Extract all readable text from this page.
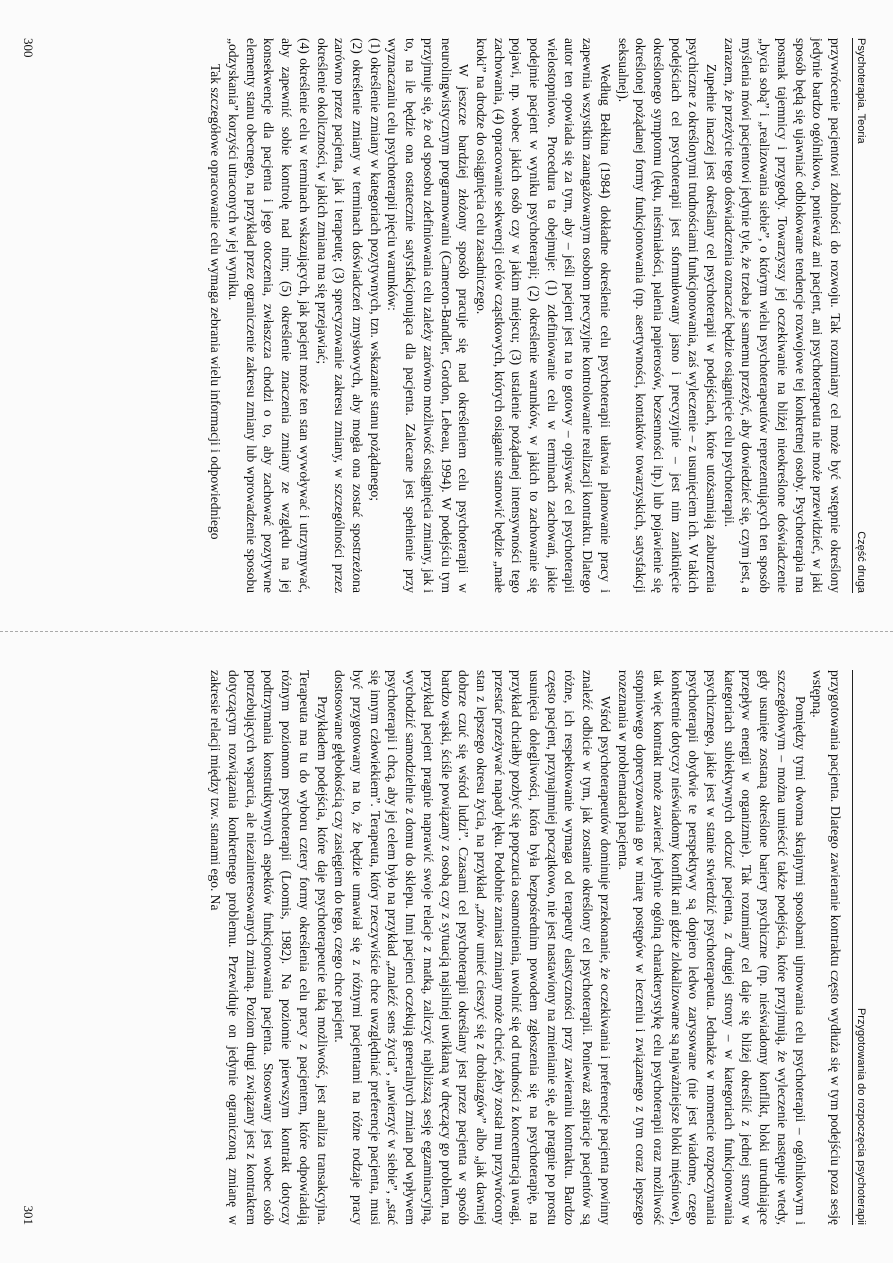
Psychoterapia. Teoria
Część druga

przywrócenie pacjentowi zdolności do rozwoju. Tak rozumiany cel może być wstępnie określony jedynie bardzo ogólnikowo, ponieważ ani pacjent, ani psychoterapeuta nie może przewidzieć, w jaki sposób będą się ujawniać odblokowane tendencje rozwojowe tej konkretnej osoby. Psychoterapia ma posmak tajemnicy i przygody. Towarzyszy jej oczekiwanie na bliżej nieokreślone doświadczenie „bycia sobą” i „realizowania siebie”, o którym wielu psychoterapeutów reprezentujących ten sposób myślenia mówi pacjentowi jedynie tyle, że trzeba je samemu przeżyć, aby dowiedzieć się, czym jest, a zarazem, że przeżycie tego doświadczenia oznaczać będzie osiągnięcie celu psychoterapii.

Zupełnie inaczej jest określany cel psychoterapii w podejściach, które utożsamiają zaburzenia psychiczne z określonymi trudnościami funkcjonowania, zaś wyleczenie – z usunięciem ich. W takich podejściach cel psychoterapii jest sformułowany jasno i precyzyjnie – jest nim zaniknięcie określonego symptomu (lęku, nieśmiałości, palenia papierosów, bezsenności itp.) lub pojawienie się określonej pożądanej formy funkcjonowania (np. asertywności, kontaktów towarzyskich, satysfakcji seksualnej).

Według Bełkina (1984) dokładne określenie celu psychoterapii ułatwia planowanie pracy i zapewnia wszystkim zaangażowanym osobom precyzyjne kontrolowanie realizacji kontraktu. Dlatego autor ten opowiada się za tym, aby – jeśli pacjent jest na to gotowy – opisywać cel psychoterapii wielostopniowo. Procedura ta obejmuje: (1) zdefiniowanie celu w terminach zachowań, jakie podejmie pacjent w wyniku psychoterapii; (2) określenie warunków, w jakich to zachowanie się pojawi, np. wobec jakich osób czy w jakim miejscu; (3) ustalenie pożądanej intensywności tego zachowania, (4) opracowanie sekwencji celów cząstkowych, których osiąganie stanowić będzie „małe kroki” na drodze do osiągnięcia celu zasadniczego.

W jeszcze bardziej złożony sposób pracuje się nad określeniem celu psychoterapii w neurolingwistycznym programowaniu (Cameron-Bandler, Gordon, Lebeau, 1994). W podejściu tym przyjmuje się, że od sposobu zdefiniowania celu zależy zarówno możliwość osiągnięcia zmiany, jak i to, na ile będzie ona ostatecznie satysfakcjonująca dla pacjenta. Zalecane jest spełnienie przy wyznaczaniu celu psychoterapii pięciu warunków:

(1) określenie zmiany w kategoriach pozytywnych, tzn. wskazanie stanu pożądanego;

(2) określenie zmiany w terminach doświadczeń zmysłowych, aby mogła ona zostać spostrzeżona zarówno przez pacjenta, jak i terapeutę; (3) sprecyzowanie zakresu zmiany, w szczególności przez określenie okoliczności, w jakich zmiana ma się przejawiać;

(4) określenie celu w terminach wskazujących, jak pacjent może ten stan wywoływać i utrzymywać, aby zapewnić sobie kontrolę nad nim; (5) określenie znaczenia zmiany ze względu na jej konsekwencje dla pacjenta i jego otoczenia, zwłaszcza chodzi o to, aby zachować pozytywne elementy stanu obecnego, na przykład przez ograniczenie zakresu zmiany lub wprowadzenie sposobu „odzyskania” korzyści utraconych w jej wyniku.

Tak szczegółowe opracowanie celu wymaga zebrania wielu informacji i odpowiedniego

300
Przygotowania do rozpoczęcia psychoterapii

przygotowania pacjenta. Dlatego zawieranie kontraktu często wydłuża się w tym podejściu poza sesję wstępną.

Pomiędzy tymi dwoma skrajnymi sposobami ujmowania celu psychoterapii – ogólnikowym i szczegółowym – można umieścić także podejścia, które przyjmują, że wyleczenie następuje wtedy, gdy usunięte zostaną określone bariery psychiczne (np. nieświadomy konflikt, bloki utrudniające przepływ energii w organizmie). Tak rozumiany cel daje się bliżej określić z jednej strony w kategoriach subiektywnych odczuć pacjenta, z drugiej strony – w kategoriach funkcjonowania psychicznego, jakie jest w stanie stwierdzić psychoterapeuta. Jednakże w momencie rozpoczynania psychoterapii obydwie te perspektywy są dopiero ledwo zarysowane (nie jest wiadome, czego konkretnie dotyczy nieświadomy konflikt ani gdzie zlokalizowane są najważniejsze bloki mięśniowe), tak więc kontrakt może zawierać jedynie ogólną charakterystykę celu psychoterapii oraz możliwość stopniowego doprecyzowania go w miarę postępów w leczeniu i związanego z tym coraz lepszego rozeznania w problematach pacjenta.

Wśród psychoterapeutów dominuje przekonanie, że oczekiwania i preferencje pacjenta powinny znaleźć odbicie w tym, jak zostanie określony cel psychoterapii. Ponieważ aspiracje pacjentów są różne, ich respektowanie wymaga od terapeuty elastyczności przy zawieraniu kontraktu. Bardzo często pacjent, przynajmniej początkowo, nie jest nastawiony na zmienianie się, ale pragnie po prostu usunięcia dolegliwości, która była bezpośrednim powodem zgłoszenia się na psychoterapię, na przykład chciałby pozbyć się popczucia osamotnienia, uwolnić się od trudności z koncentracją uwagi, przestać przeżywać napady lęku. Podobnie zamiast zmiany może chcieć, żeby został mu przywrócony stan z lepszego okresu życia, na przykład „znów umieć cieszyć się z drobiazgów” albo „jak dawniej dobrze czuć się wśród ludzi”. Czasami cel psychoterapii określany jest przez pacjenta w sposób bardzo wąski, ściśle powiązany z osobą czy z sytuacją najsilniej uwikłaną w dręczący go problem, na przykład pacjent pragnie naprawić swoje relacje z matką, zaliczyć najbliższą sesję egzaminacyjną, wychodzić samodzielnie z domu do sklepu. Inni pacjenci oczekują generalnych zmian pod wpływem psychoterapii i chcą, aby jej celem było na przykład „znaleźć sens życia”, „uwierzyć w siebie”, „stać się innym człowiekiem”. Terapeuta, który rzeczywiście chce uwzględniać preferencje pacjenta, musi być przygotowany na to, że będzie umawiał się z różnymi pacjentami na różne rodzaje pracy dostosowane głębokością czy zasięgiem do tego, czego chce pacjent.

Przykładem podejścia, które daje psychoterapeucie taką możliwość, jest analiza transakcyjna. Terapeuta ma tu do wyboru cztery formy określenia celu pracy z pacjentem, które odpowiadają różnym poziomom psychoterapii (Loomis, 1982). Na poziomie pierwszym kontrakt dotyczy podtrzymania konstruktywnych aspektów funkcjonowania pacjenta. Stosowany jest wobec osób potrzebujących wsparcia, ale niezainteresowanych zmianą. Poziom drugi związany jest z kontraktem dotyczącym rozwiązania konkretnego problemu. Przewiduje on jedynie ograniczoną zmianę w zakresie relacji między tzw. stanami ego. Na

301
